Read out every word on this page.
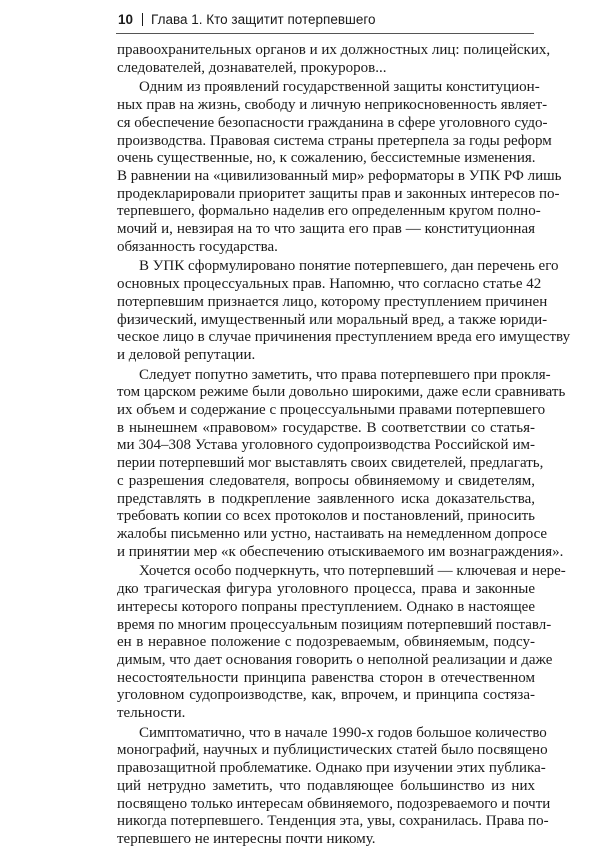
10 Глава 1. Кто защитит потерпевшего

правоохранительных органов и их должностных лиц: полицейских,
следователей, дознавателей, прокуроров...

Одним из проявлений государственной защиты конституцион-
ных прав на жизнь, свободу и личную неприкосновенность являет-
ся обеспечение безопасности гражданина в сфере уголовного судо-
производства. Правовая система страны претерпела за годы реформ
очень существенные, но, к сожалению, бессистемные изменения.
В равнении на «цивилизованный мир» реформаторы в УПК РФ лишь
продекларировали приоритет защиты прав и законных интересов по-
терпевшего, формально наделив его определенным кругом полно-
мочий и, невзирая на то что защита его прав — конституционная
обязанность государства.

В УПК сформулировано понятие потерпевшего, дан перечень его
основных процессуальных прав. Напомню, что согласно статье 42
потерпевшим признается лицо, которому преступлением причинен
физический, имущественный или моральный вред, а также юриди-
ческое лицо в случае причинения преступлением вреда его имуществу
и деловой репутации.

Следует попутно заметить, что права потерпевшего при прокля-
том царском режиме были довольно широкими, даже если сравнивать
их объем и содержание с процессуальными правами потерпевшего
в нынешнем «правовом» государстве. В соответствии со статья-
ми 304–308 Устава уголовного судопроизводства Российской им-
перии потерпевший мог выставлять своих свидетелей, предлагать,
с разрешения следователя, вопросы обвиняемому и свидетелям,
представлять в подкрепление заявленного иска доказательства,
требовать копии со всех протоколов и постановлений, приносить
жалобы письменно или устно, настаивать на немедленном допросе
и принятии мер «к обеспечению отыскиваемого им вознаграждения».

Хочется особо подчеркнуть, что потерпевший — ключевая и нере-
дко трагическая фигура уголовного процесса, права и законные
интересы которого попраны преступлением. Однако в настоящее
время по многим процессуальным позициям потерпевший поставл-
ен в неравное положение с подозреваемым, обвиняемым, подсу-
димым, что дает основания говорить о неполной реализации и даже
несостоятельности принципа равенства сторон в отечественном
уголовном судопроизводстве, как, впрочем, и принципа состяза-
тельности.

Симптоматично, что в начале 1990-х годов большое количество
монографий, научных и публицистических статей было посвящено
правозащитной проблематике. Однако при изучении этих публика-
ций нетрудно заметить, что подавляющее большинство из них
посвящено только интересам обвиняемого, подозреваемого и почти
никогда потерпевшего. Тенденция эта, увы, сохранилась. Права по-
терпевшего не интересны почти никому.
